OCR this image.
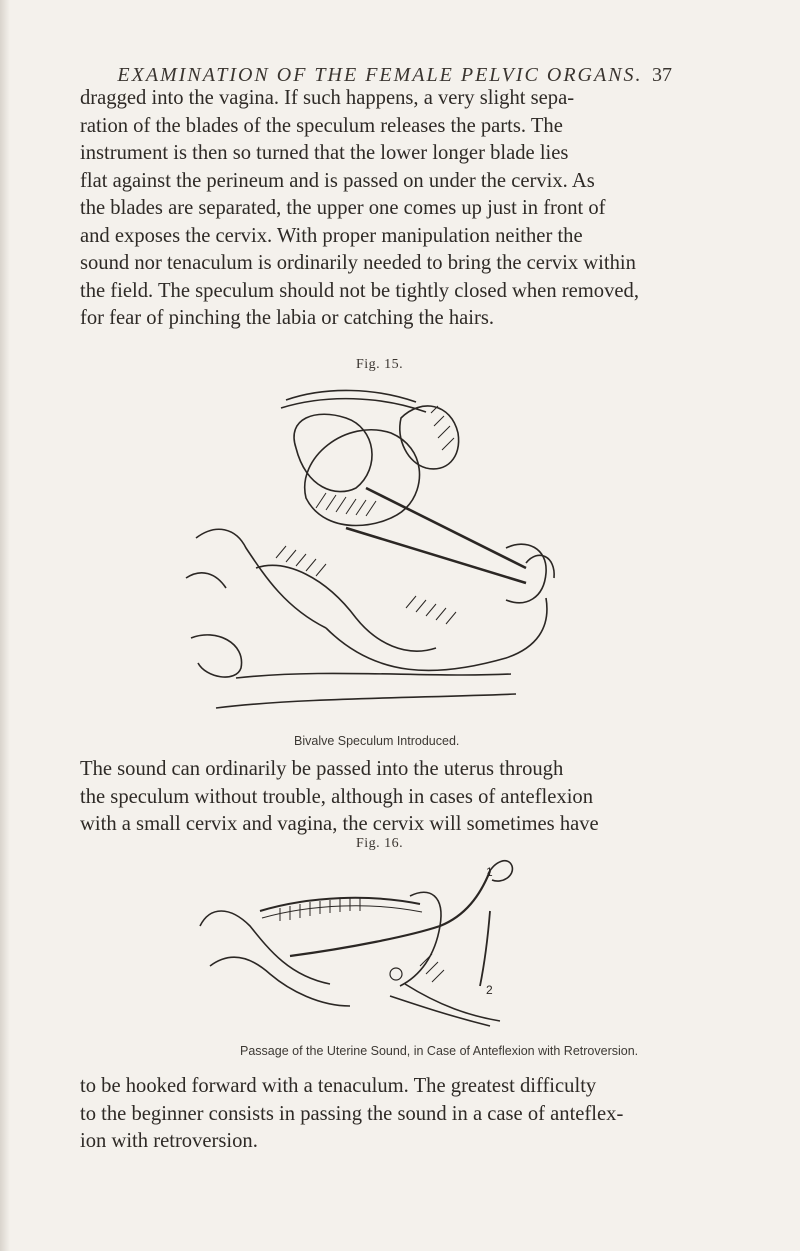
EXAMINATION OF THE FEMALE PELVIC ORGANS. 37

dragged into the vagina. If such happens, a very slight sepa-
ration of the blades of the speculum releases the parts. The
instrument is then so turned that the lower longer blade lies
flat against the perineum and is passed on under the cervix. As
the blades are separated, the upper one comes up just in front of
and exposes the cervix. With proper manipulation neither the
sound nor tenaculum is ordinarily needed to bring the cervix within
the field. The speculum should not be tightly closed when removed,
for fear of pinching the labia or catching the hairs.

Fig. 15.
Bivalve Speculum Introduced.

The sound can ordinarily be passed into the uterus through
the speculum without trouble, although in cases of anteflexion
with a small cervix and vagina, the cervix will sometimes have

Fig. 16.
1
2
Passage of the Uterine Sound, in Case of Anteflexion with Retroversion.

to be hooked forward with a tenaculum. The greatest difficulty
to the beginner consists in passing the sound in a case of anteflex-
ion with retroversion.
